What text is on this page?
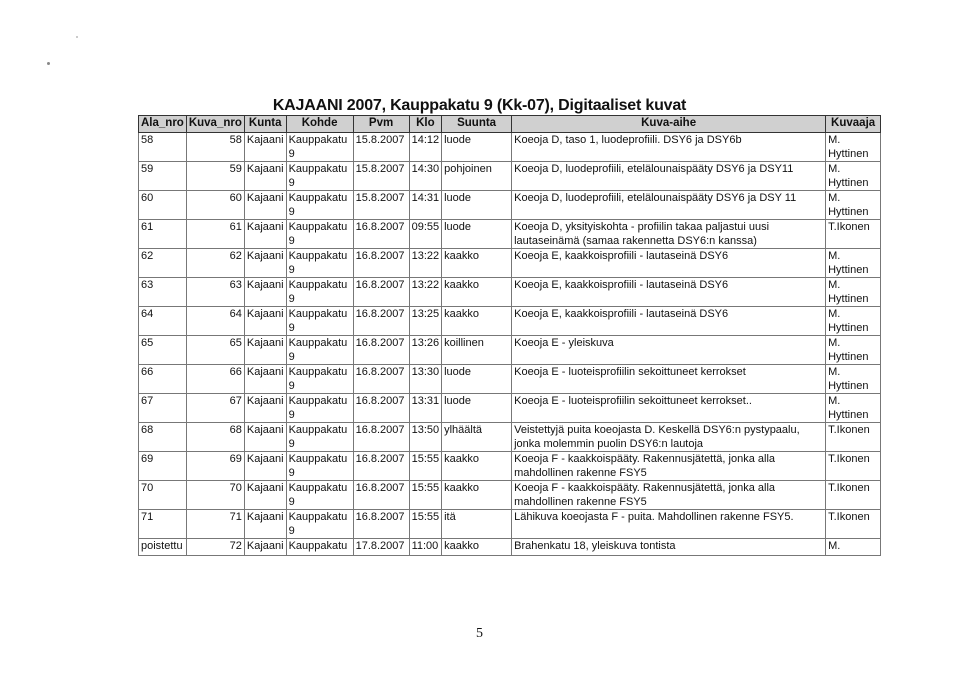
KAJAANI 2007, Kauppakatu 9 (Kk-07), Digitaaliset kuvat
Ala_nro	Kuva_nro	Kunta	Kohde	Pvm	Klo	Suunta	Kuva-aihe	Kuvaaja
58	58	Kajaani	Kauppakatu 9	15.8.2007	14:12	luode	Koeoja D, taso 1, luodeprofiili. DSY6 ja DSY6b	M. Hyttinen
59	59	Kajaani	Kauppakatu 9	15.8.2007	14:30	pohjoinen	Koeoja D, luodeprofiili, etelälounaispääty DSY6 ja DSY11	M. Hyttinen
60	60	Kajaani	Kauppakatu 9	15.8.2007	14:31	luode	Koeoja D, luodeprofiili, etelälounaispääty DSY6 ja DSY 11	M. Hyttinen
61	61	Kajaani	Kauppakatu 9	16.8.2007	09:55	luode	Koeoja D, yksityiskohta - profiilin takaa paljastui uusi lautaseinämä (samaa rakennetta DSY6:n kanssa)	T.Ikonen
62	62	Kajaani	Kauppakatu 9	16.8.2007	13:22	kaakko	Koeoja E, kaakkoisprofiili - lautaseinä DSY6	M. Hyttinen
63	63	Kajaani	Kauppakatu 9	16.8.2007	13:22	kaakko	Koeoja E, kaakkoisprofiili - lautaseinä DSY6	M. Hyttinen
64	64	Kajaani	Kauppakatu 9	16.8.2007	13:25	kaakko	Koeoja E, kaakkoisprofiili - lautaseinä DSY6	M. Hyttinen
65	65	Kajaani	Kauppakatu 9	16.8.2007	13:26	koillinen	Koeoja E - yleiskuva	M. Hyttinen
66	66	Kajaani	Kauppakatu 9	16.8.2007	13:30	luode	Koeoja E - luoteisprofiilin sekoittuneet kerrokset	M. Hyttinen
67	67	Kajaani	Kauppakatu 9	16.8.2007	13:31	luode	Koeoja E - luoteisprofiilin sekoittuneet kerrokset..	M. Hyttinen
68	68	Kajaani	Kauppakatu 9	16.8.2007	13:50	ylhäältä	Veistettyjä puita koeojasta D. Keskellä DSY6:n pystypaalu, jonka molemmin puolin DSY6:n lautoja	T.Ikonen
69	69	Kajaani	Kauppakatu 9	16.8.2007	15:55	kaakko	Koeoja F - kaakkoispääty. Rakennusjätettä, jonka alla mahdollinen rakenne FSY5	T.Ikonen
70	70	Kajaani	Kauppakatu 9	16.8.2007	15:55	kaakko	Koeoja F - kaakkoispääty. Rakennusjätettä, jonka alla mahdollinen rakenne FSY5	T.Ikonen
71	71	Kajaani	Kauppakatu 9	16.8.2007	15:55	itä	Lähikuva koeojasta F - puita. Mahdollinen rakenne FSY5.	T.Ikonen
poistettu	72	Kajaani	Kauppakatu	17.8.2007	11:00	kaakko	Brahenkatu 18, yleiskuva tontista	M.
5
